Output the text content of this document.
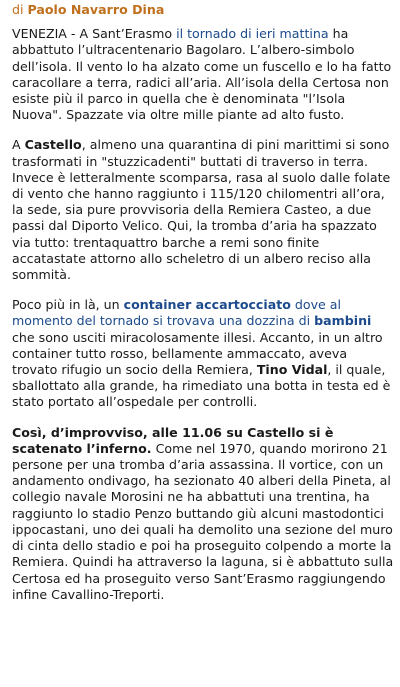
di Paolo Navarro Dina

VENEZIA - A Sant’Erasmo il tornado di ieri mattina ha abbattuto l’ultracentenario Bagolaro. L’albero-simbolo dell’isola. Il vento lo ha alzato come un fuscello e lo ha fatto caracollare a terra, radici all’aria. All’isola della Certosa non esiste più il parco in quella che è denominata "l’Isola Nuova". Spazzate via oltre mille piante ad alto fusto.

A Castello, almeno una quarantina di pini marittimi si sono trasformati in "stuzzicadenti" buttati di traverso in terra. Invece è letteralmente scomparsa, rasa al suolo dalle folate di vento che hanno raggiunto i 115/120 chilomentri all’ora, la sede, sia pure provvisoria della Remiera Casteo, a due passi dal Diporto Velico. Qui, la tromba d’aria ha spazzato via tutto: trentaquattro barche a remi sono finite accatastate attorno allo scheletro di un albero reciso alla sommità.

Poco più in là, un container accartocciato dove al momento del tornado si trovava una dozzina di bambini che sono usciti miracolosamente illesi. Accanto, in un altro container tutto rosso, bellamente ammaccato, aveva trovato rifugio un socio della Remiera, Tino Vidal, il quale, sballottato alla grande, ha rimediato una botta in testa ed è stato portato all’ospedale per controlli.

Così, d’improvviso, alle 11.06 su Castello si è scatenato l’inferno. Come nel 1970, quando morirono 21 persone per una tromba d’aria assassina. Il vortice, con un andamento ondivago, ha sezionato 40 alberi della Pineta, al collegio navale Morosini ne ha abbattuti una trentina, ha raggiunto lo stadio Penzo buttando giù alcuni mastodontici ippocastani, uno dei quali ha demolito una sezione del muro di cinta dello stadio e poi ha proseguito colpendo a morte la Remiera. Quindi ha attraverso la laguna, si è abbattuto sulla Certosa ed ha proseguito verso Sant’Erasmo raggiungendo infine Cavallino-Treporti.
